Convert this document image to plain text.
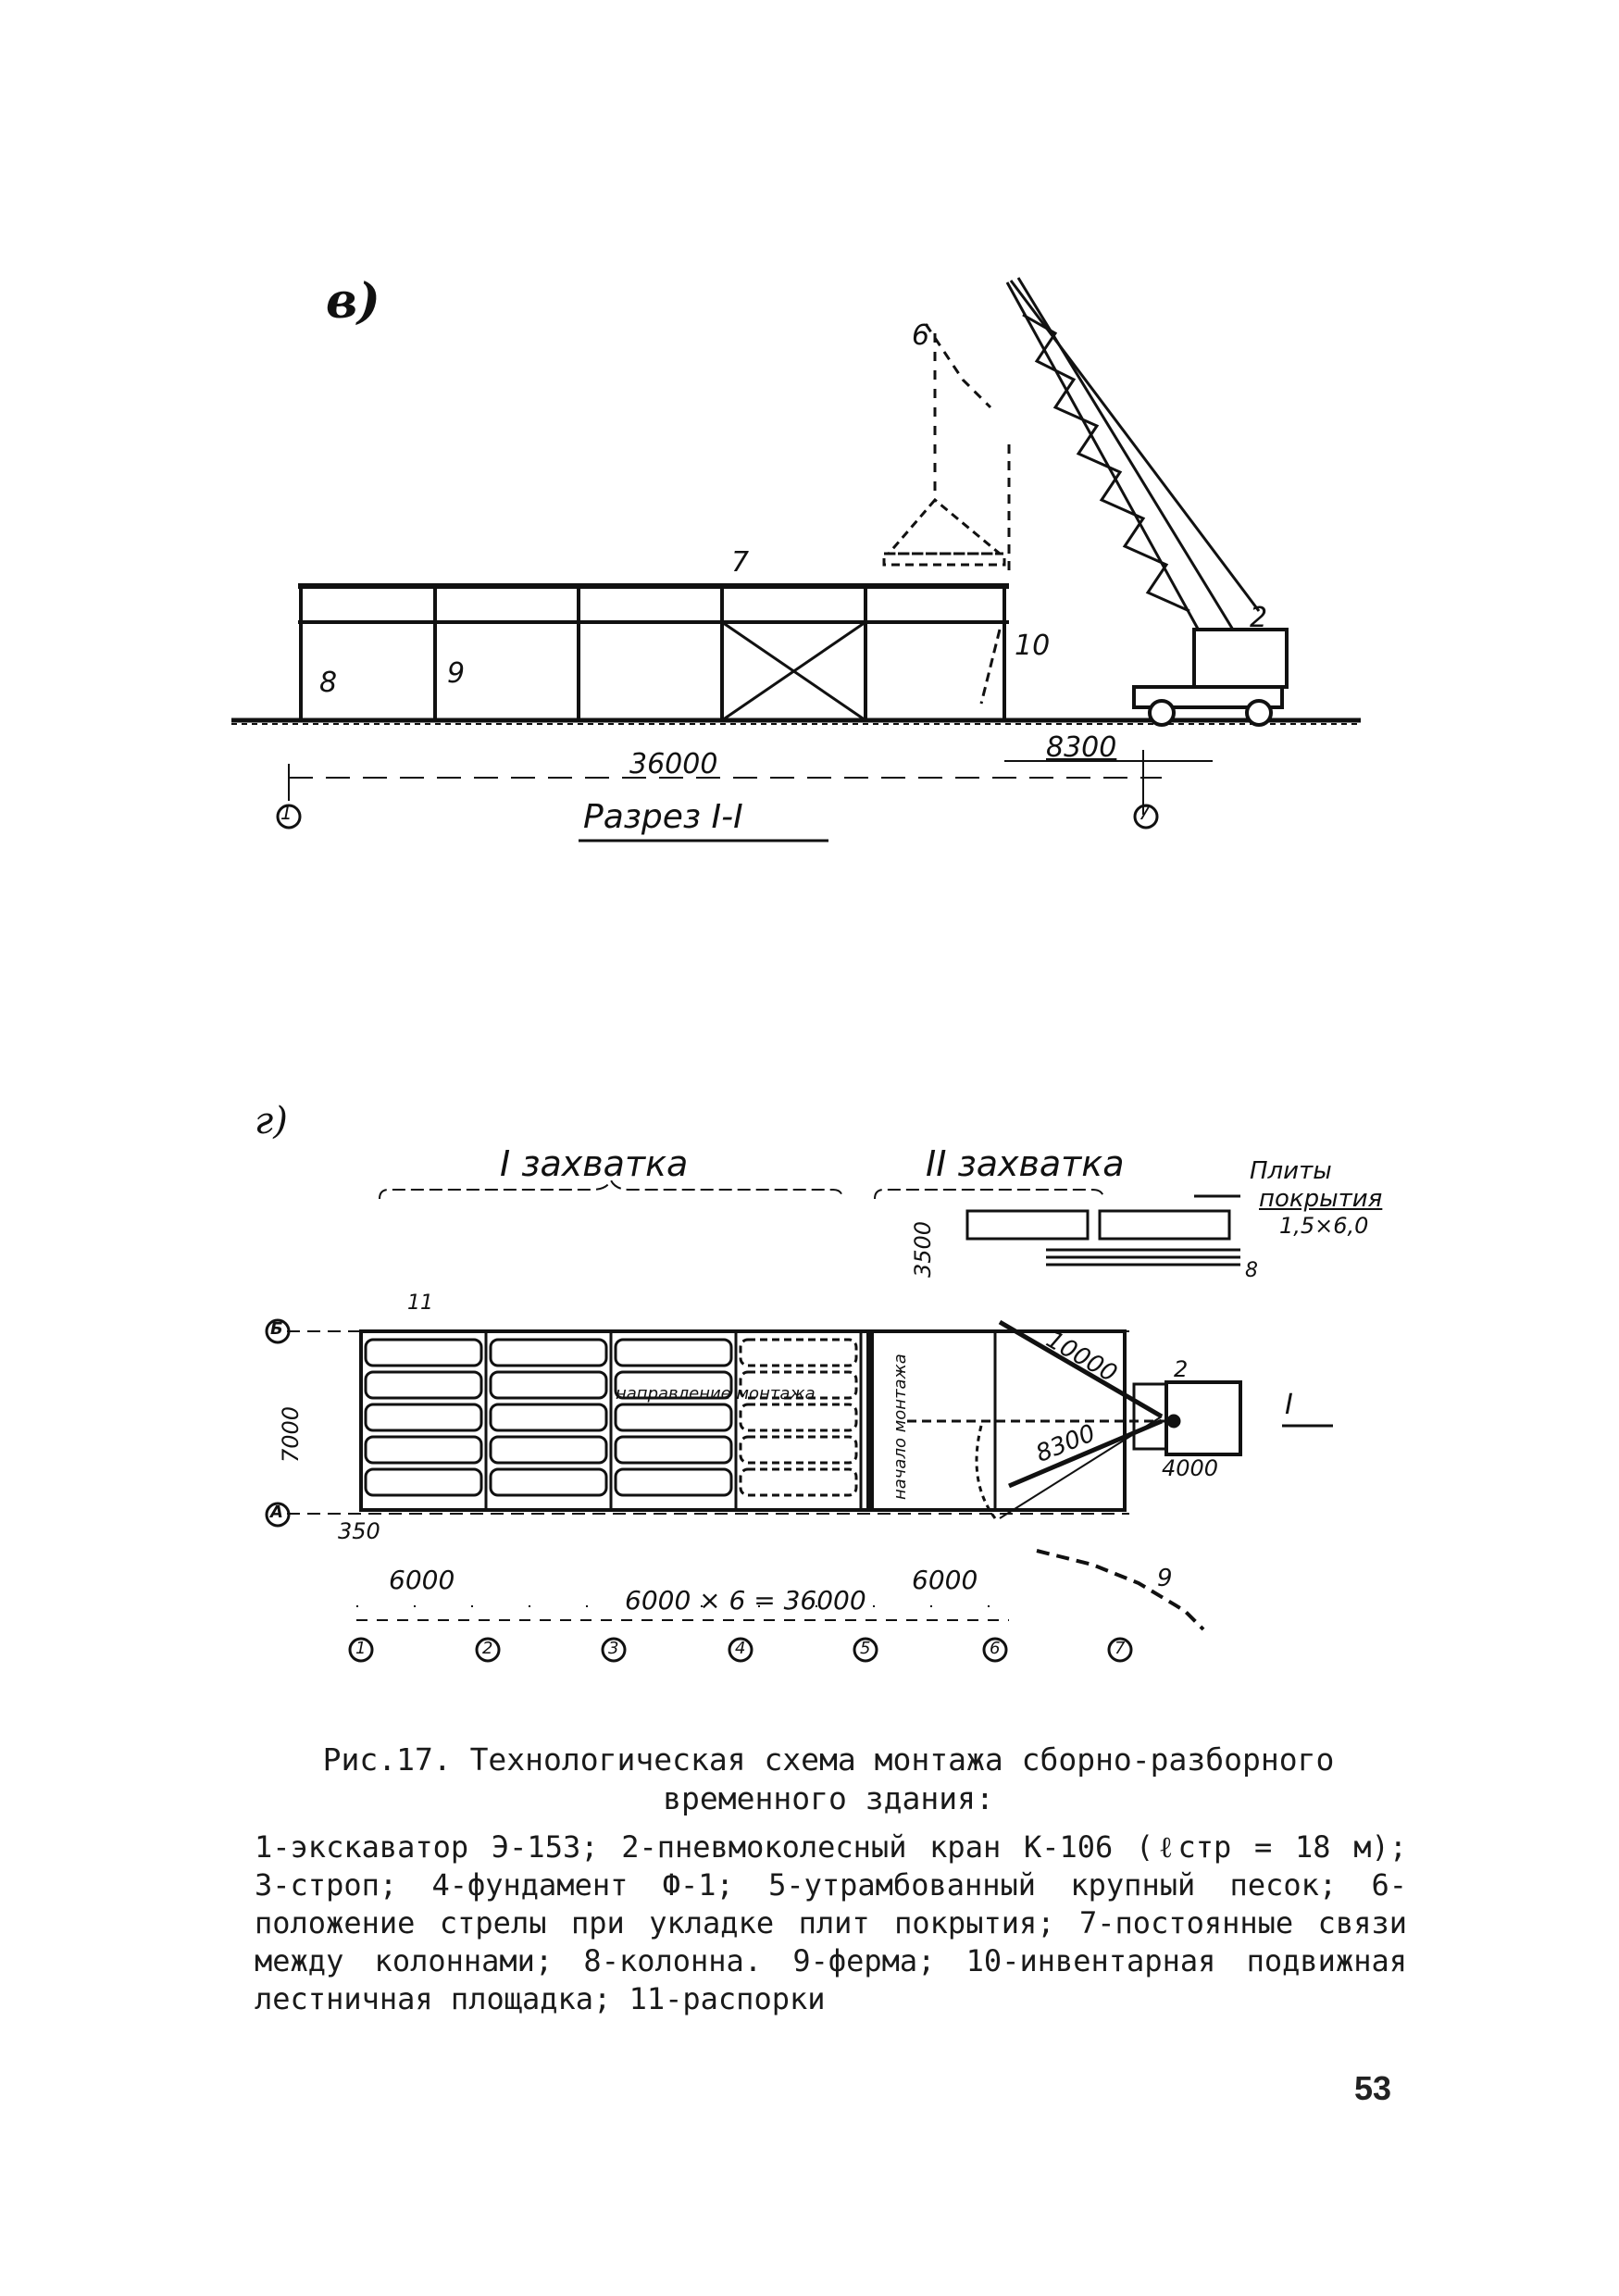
в)
8	9
7
10
6
2
36000
8300
1	7
Разрез I-I
г)
I захватка	II захватка	Плиты
покрытия
1,5×6,0
8
3500
10000
8300
4000
7000
350
6000	6000
6000 × 6 = 36000
направление монтажа	начало монтажа
11
2
9
Б
А
I
1	2	3	4	5	6	7
Рис.17. Технологическая схема монтажа сборно-разборного временного здания:
1-экскаватор Э-153; 2-пневмоколесный кран К-106 (ℓстр = 18 м); 3-строп; 4-фундамент Ф-1; 5-утрамбованный крупный песок; 6-положение стрелы при укладке плит покрытия; 7-постоянные связи между колоннами; 8-колонна. 9-ферма; 10-инвентарная подвижная лестничная площадка; 11-распорки
53
